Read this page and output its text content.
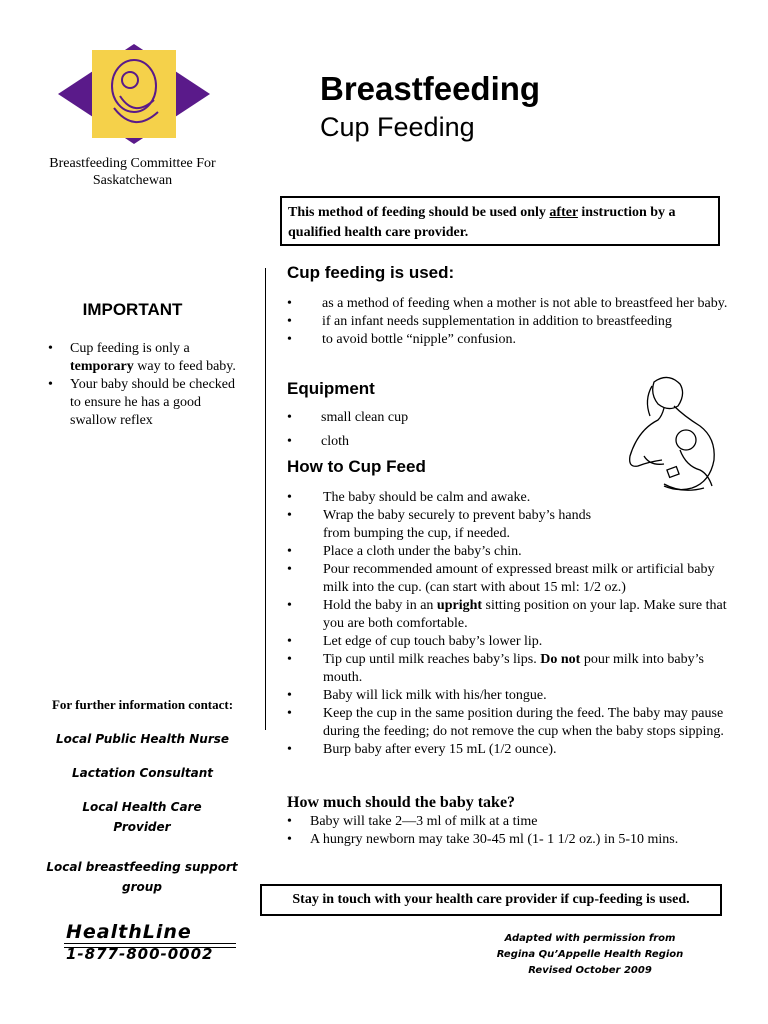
Breastfeeding Committee For Saskatchewan
Breastfeeding
Cup Feeding
This method of feeding should be used only after instruction by a qualified health care provider.
IMPORTANT
• Cup feeding is only a temporary way to feed baby.
• Your baby should be checked to ensure he has a good swallow reflex
Cup feeding is used:
• as a method of feeding when a mother is not able to breastfeed her baby.
• if an infant needs supplementation in addition to breastfeeding
• to avoid bottle “nipple” confusion.
Equipment
• small clean cup
• cloth
How to Cup Feed
• The baby should be calm and awake.
• Wrap the baby securely to prevent baby’s hands from bumping the cup, if needed.
• Place a cloth under the baby’s chin.
• Pour recommended amount of expressed breast milk or artificial baby milk into the cup. (can start with about 15 ml: 1/2 oz.)
• Hold the baby in an upright sitting position on your lap. Make sure that you are both comfortable.
• Let edge of cup touch baby’s lower lip.
• Tip cup until milk reaches baby’s lips. Do not pour milk into baby’s mouth.
• Baby will lick milk with his/her tongue.
• Keep the cup in the same position during the feed. The baby may pause during the feeding; do not remove the cup when the baby stops sipping.
• Burp baby after every 15 mL (1/2 ounce).
How much should the baby take?
• Baby will take 2—3 ml of milk at a time
• A hungry newborn may take 30-45 ml (1- 1 1/2 oz.) in 5-10 mins.
For further information contact:
Local Public Health Nurse
Lactation Consultant
Local Health Care Provider
Local breastfeeding support group
Stay in touch with your health care provider if cup-feeding is used.
HealthLine
1-877-800-0002
Adapted with permission from
Regina Qu’Appelle Health Region
Revised October 2009
